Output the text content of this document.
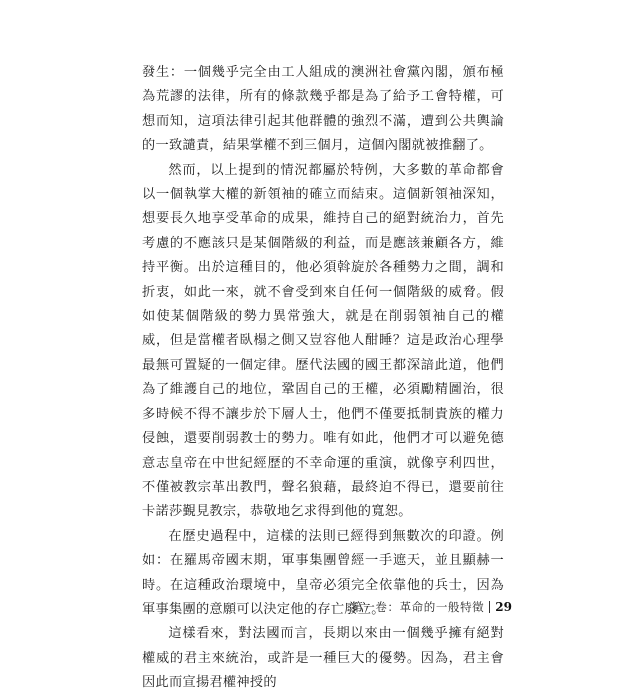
發生：一個幾乎完全由工人組成的澳洲社會黨內閣，頒布極為荒謬的法律，所有的條款幾乎都是為了給予工會特權，可想而知，這項法律引起其他群體的強烈不滿，遭到公共輿論的一致譴責，結果掌權不到三個月，這個內閣就被推翻了。

然而，以上提到的情況都屬於特例，大多數的革命都會以一個執掌大權的新領袖的確立而結束。這個新領袖深知，想要長久地享受革命的成果，維持自己的絕對統治力，首先考慮的不應該只是某個階級的利益，而是應該兼顧各方，維持平衡。出於這種目的，他必須斡旋於各種勢力之間，調和折衷，如此一來，就不會受到來自任何一個階級的威脅。假如使某個階級的勢力異常強大，就是在削弱領袖自己的權威，但是當權者臥榻之側又豈容他人酣睡？這是政治心理學最無可置疑的一個定律。歷代法國的國王都深諳此道，他們為了維護自己的地位，鞏固自己的王權，必須勵精圖治，很多時候不得不讓步於下層人士，他們不僅要抵制貴族的權力侵蝕，還要削弱教士的勢力。唯有如此，他們才可以避免德意志皇帝在中世紀經歷的不幸命運的重演，就像亨利四世，不僅被教宗革出教門，聲名狼藉，最終迫不得已，還要前往卡諾莎覲見教宗，恭敬地乞求得到他的寬恕。

在歷史過程中，這樣的法則已經得到無數次的印證。例如：在羅馬帝國末期，軍事集團曾經一手遮天，並且顯赫一時。在這種政治環境中，皇帝必須完全依靠他的兵士，因為軍事集團的意願可以決定他的存亡廢立。

這樣看來，對法國而言，長期以來由一個幾乎擁有絕對權威的君主來統治，或許是一種巨大的優勢。因為，君主會因此而宣揚君權神授的

第一卷：革命的一般特徵 29
